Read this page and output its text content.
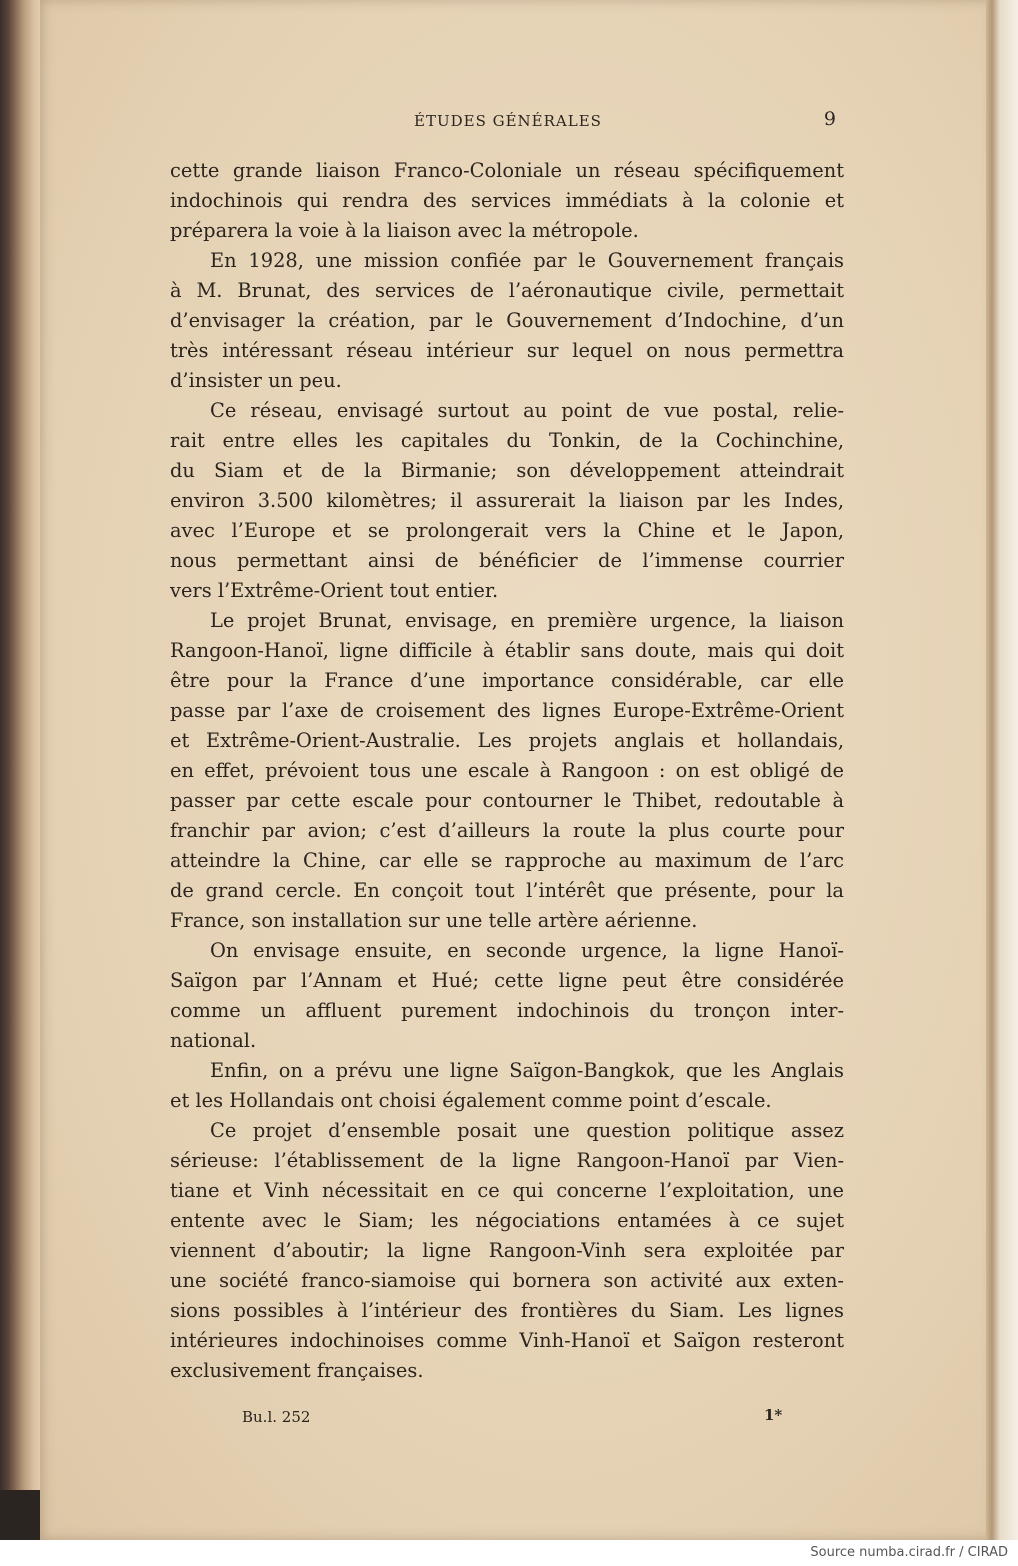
ÉTUDES GÉNÉRALES	9
cette grande liaison Franco-Coloniale un réseau spécifiquement
indochinois qui rendra des services immédiats à la colonie et
préparera la voie à la liaison avec la métropole.
En 1928, une mission confiée par le Gouvernement français
à M. Brunat, des services de l’aéronautique civile, permettait
d’envisager la création, par le Gouvernement d’Indochine, d’un
très intéressant réseau intérieur sur lequel on nous permettra
d’insister un peu.
Ce réseau, envisagé surtout au point de vue postal, relie-
rait entre elles les capitales du Tonkin, de la Cochinchine,
du Siam et de la Birmanie; son développement atteindrait
environ 3.500 kilomètres; il assurerait la liaison par les Indes,
avec l’Europe et se prolongerait vers la Chine et le Japon,
nous permettant ainsi de bénéficier de l’immense courrier
vers l’Extrême-Orient tout entier.
Le projet Brunat, envisage, en première urgence, la liaison
Rangoon-Hanoï, ligne difficile à établir sans doute, mais qui doit
être pour la France d’une importance considérable, car elle
passe par l’axe de croisement des lignes Europe-Extrême-Orient
et Extrême-Orient-Australie. Les projets anglais et hollandais,
en effet, prévoient tous une escale à Rangoon : on est obligé de
passer par cette escale pour contourner le Thibet, redoutable à
franchir par avion; c’est d’ailleurs la route la plus courte pour
atteindre la Chine, car elle se rapproche au maximum de l’arc
de grand cercle. En conçoit tout l’intérêt que présente, pour la
France, son installation sur une telle artère aérienne.
On envisage ensuite, en seconde urgence, la ligne Hanoï-
Saïgon par l’Annam et Hué; cette ligne peut être considérée
comme un affluent purement indochinois du tronçon inter-
national.
Enfin, on a prévu une ligne Saïgon-Bangkok, que les Anglais
et les Hollandais ont choisi également comme point d’escale.
Ce projet d’ensemble posait une question politique assez
sérieuse: l’établissement de la ligne Rangoon-Hanoï par Vien-
tiane et Vinh nécessitait en ce qui concerne l’exploitation, une
entente avec le Siam; les négociations entamées à ce sujet
viennent d’aboutir; la ligne Rangoon-Vinh sera exploitée par
une société franco-siamoise qui bornera son activité aux exten-
sions possibles à l’intérieur des frontières du Siam. Les lignes
intérieures indochinoises comme Vinh-Hanoï et Saïgon resteront
exclusivement françaises.
Bu.l. 252	1*
Source numba.cirad.fr / CIRAD
